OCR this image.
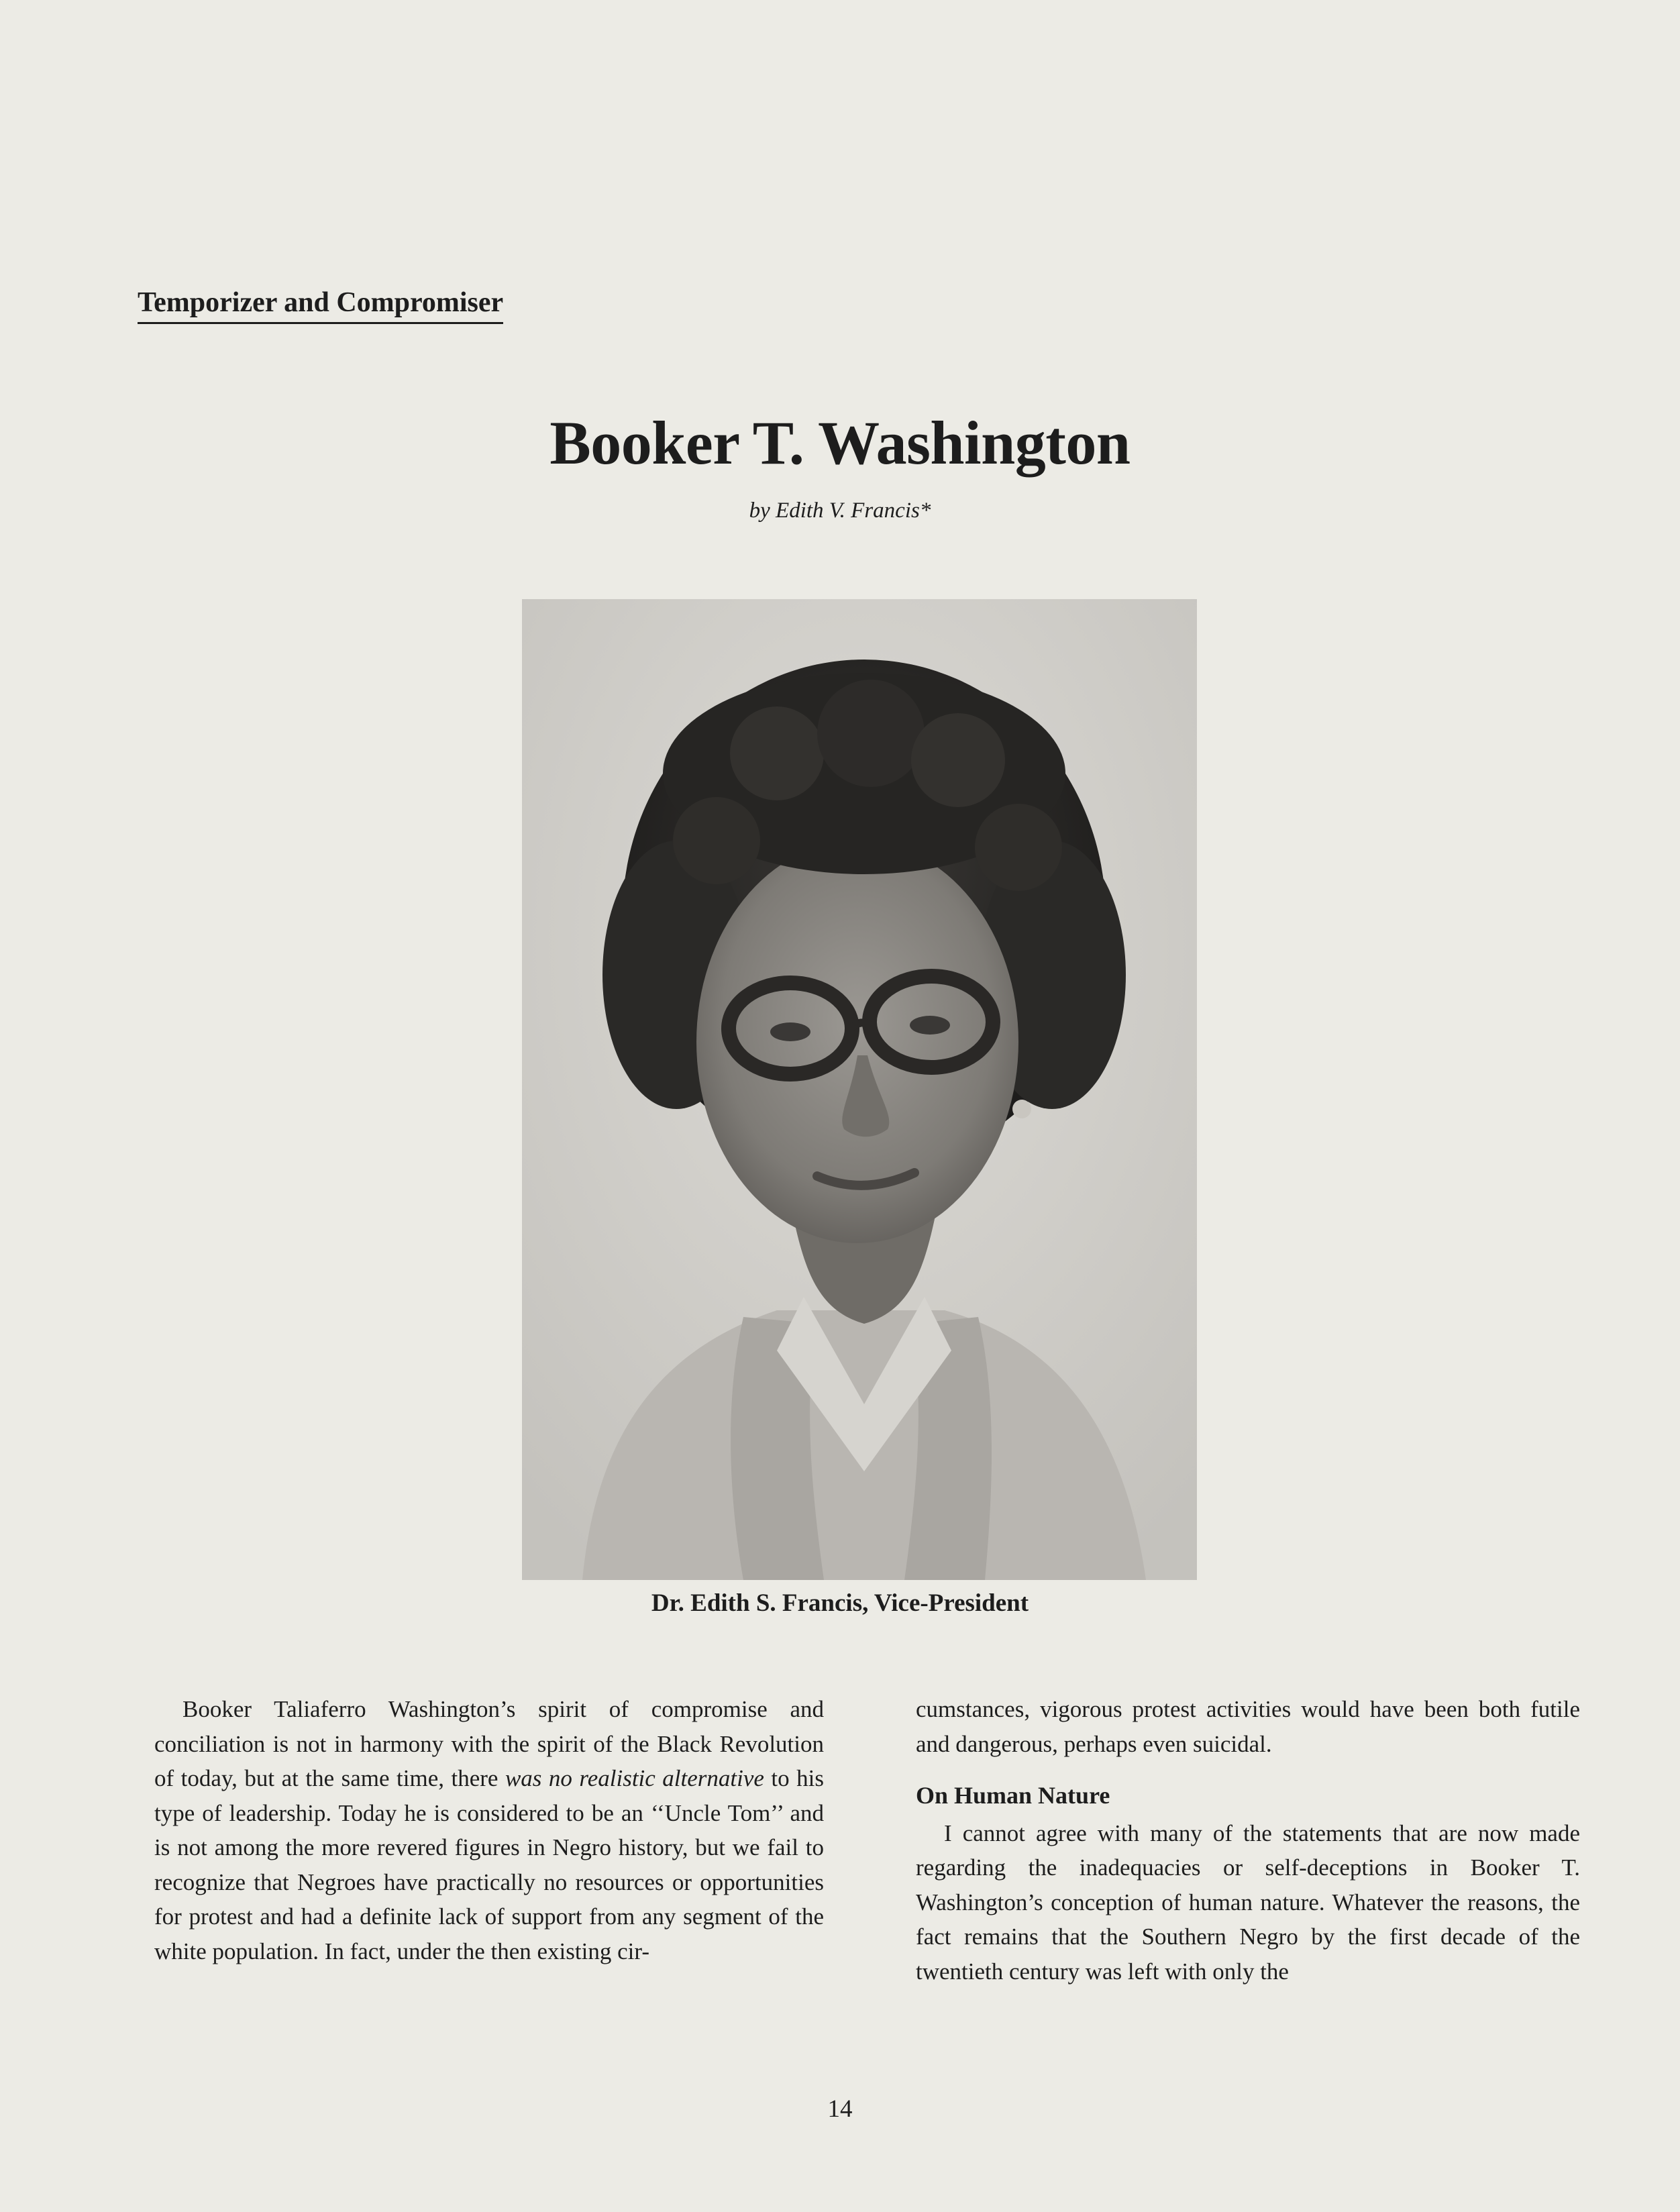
Temporizer and Compromiser
Booker T. Washington
by Edith V. Francis*
Dr. Edith S. Francis, Vice-President

Booker Taliaferro Washington’s spirit of compromise and conciliation is not in harmony with the spirit of the Black Revolution of today, but at the same time, there was no realistic alternative to his type of leadership. Today he is considered to be an ‘‘Uncle Tom’’ and is not among the more revered figures in Negro history, but we fail to recognize that Negroes have practically no resources or opportunities for protest and had a definite lack of support from any segment of the white population. In fact, under the then existing cir-

cumstances, vigorous protest activities would have been both futile and dangerous, perhaps even suicidal.

On Human Nature

I cannot agree with many of the statements that are now made regarding the inadequacies or self-deceptions in Booker T. Washington’s conception of human nature. Whatever the reasons, the fact remains that the Southern Negro by the first decade of the twentieth century was left with only the

14
